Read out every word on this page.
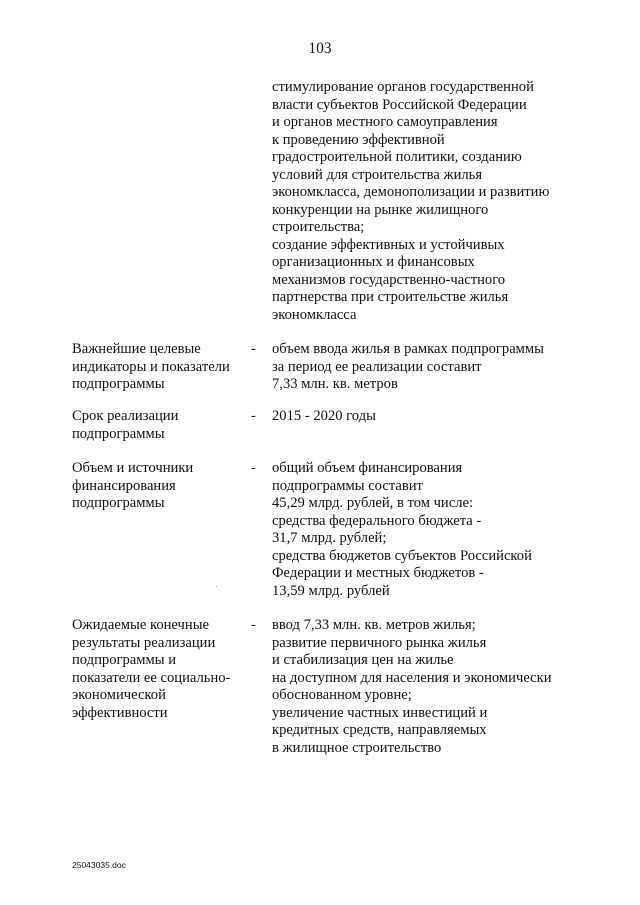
103
стимулирование органов государственной
власти субъектов Российской Федерации
и органов местного самоуправления
к проведению эффективной
градостроительной политики, созданию
условий для строительства жилья
экономкласса, демонополизации и развитию
конкуренции на рынке жилищного
строительства;
создание эффективных и устойчивых
организационных и финансовых
механизмов государственно-частного
партнерства при строительстве жилья
экономкласса
Важнейшие целевые
индикаторы и показатели
подпрограммы
- объем ввода жилья в рамках подпрограммы
за период ее реализации составит
7,33 млн. кв. метров
Срок реализации
подпрограммы
- 2015 - 2020 годы
Объем и источники
финансирования
подпрограммы
- общий объем финансирования
подпрограммы составит
45,29 млрд. рублей, в том числе:
средства федерального бюджета -
31,7 млрд. рублей;
средства бюджетов субъектов Российской
Федерации и местных бюджетов -
13,59 млрд. рублей
Ожидаемые конечные
результаты реализации
подпрограммы и
показатели ее социально-
экономической
эффективности
- ввод 7,33 млн. кв. метров жилья;
развитие первичного рынка жилья
и стабилизация цен на жилье
на доступном для населения и экономически
обоснованном уровне;
увеличение частных инвестиций и
кредитных средств, направляемых
в жилищное строительство
25043035.doc
